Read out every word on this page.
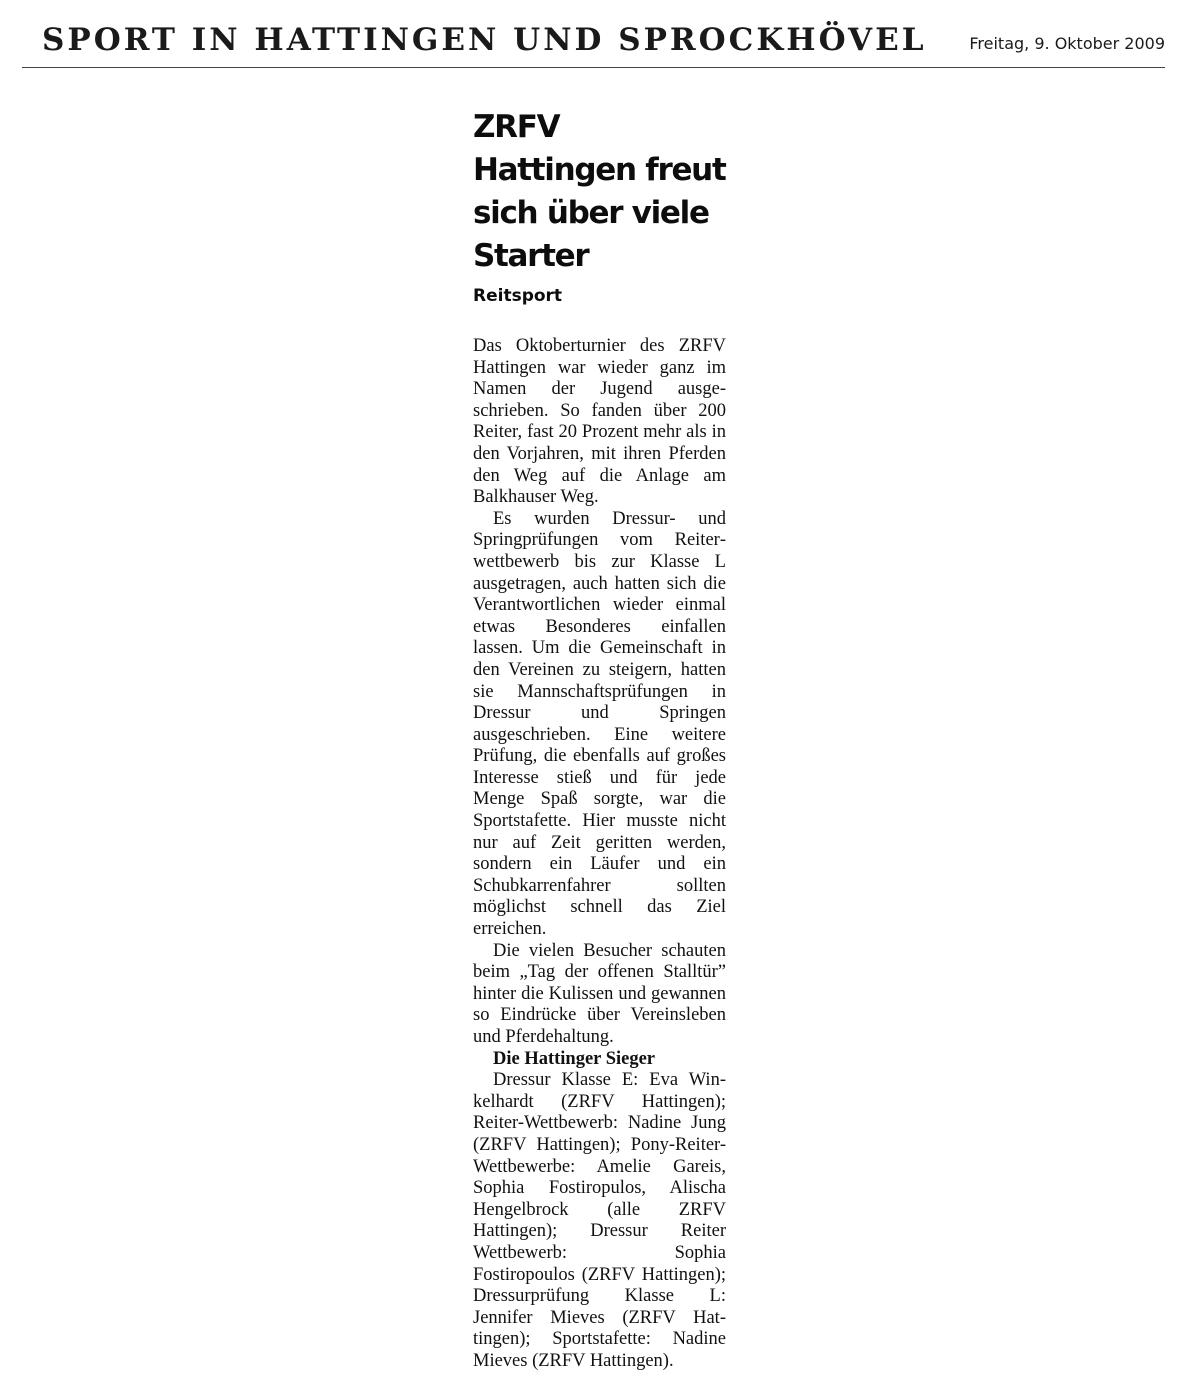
SPORT IN HATTINGEN UND SPROCKHÖVEL	Freitag, 9. Oktober 2009
ZRFV Hattingen freut sich über viele Starter
Reitsport

Das Oktoberturnier des ZRFV Hattingen war wieder ganz im Namen der Jugend ausgeschrieben. So fanden über 200 Reiter, fast 20 Prozent mehr als in den Vorjahren, mit ihren Pferden den Weg auf die Anlage am Balkhauser Weg.

Es wurden Dressur- und Springprüfungen vom Reiterwettbewerb bis zur Klasse L ausgetragen, auch hatten sich die Verantwortlichen wieder einmal etwas Besonderes einfallen lassen. Um die Gemeinschaft in den Vereinen zu steigern, hatten sie Mannschaftsprüfungen in Dressur und Springen ausgeschrieben. Eine weitere Prüfung, die ebenfalls auf großes Interesse stieß und für jede Menge Spaß sorgte, war die Sportstafette. Hier musste nicht nur auf Zeit geritten werden, sondern ein Läufer und ein Schubkarrenfahrer sollten möglichst schnell das Ziel erreichen.

Die vielen Besucher schauten beim „Tag der offenen Stalltür” hinter die Kulissen und gewannen so Eindrücke über Vereinsleben und Pferdehaltung.

Die Hattinger Sieger

Dressur Klasse E: Eva Winkelhardt (ZRFV Hattingen); Reiter-Wettbewerb: Nadine Jung (ZRFV Hattingen); Pony-Reiter-Wettbewerbe: Amelie Gareis, Sophia Fostiropulos, Alischa Hengelbrock (alle ZRFV Hattingen); Dressur Reiter Wettbewerb: Sophia Fostiropoulos (ZRFV Hattingen); Dressurprüfung Klasse L: Jennifer Mieves (ZRFV Hattingen); Sportstafette: Nadine Mieves (ZRFV Hattingen).
